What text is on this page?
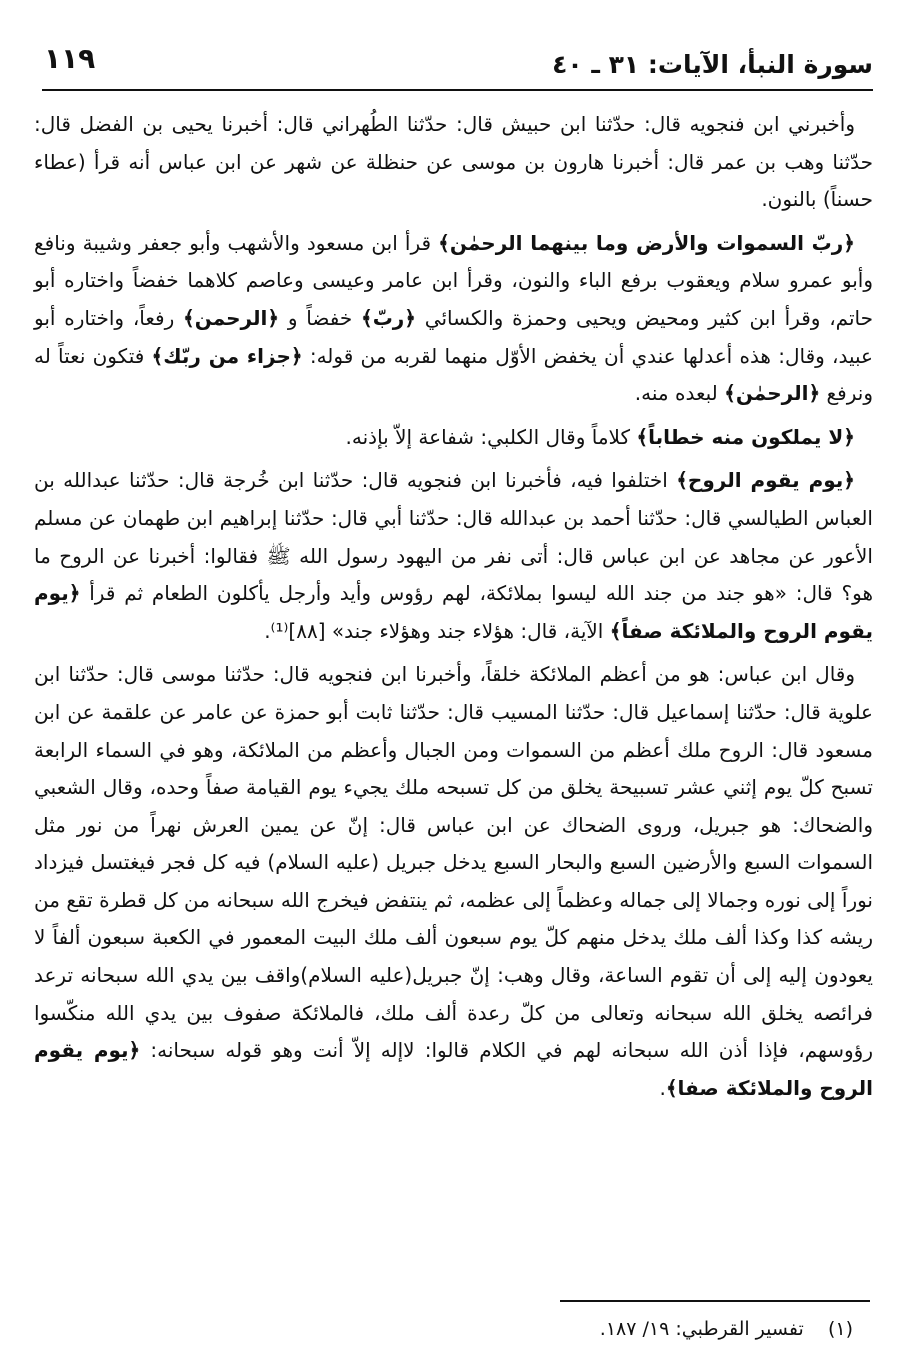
١١٩	سورة النبأ، الآيات: ٣١ ـ ٤٠

وأخبرني ابن فنجويه قال: حدّثنا ابن حبيش قال: حدّثنا الطُهراني قال: أخبرنا يحيى بن الفضل قال: حدّثنا وهب بن عمر قال: أخبرنا هارون بن موسى عن حنظلة عن شهر عن ابن عباس أنه قرأ (عطاء حسناً) بالنون.

﴿ربّ السموات والأرض وما بينهما الرحمٰن﴾ قرأ ابن مسعود والأشهب وأبو جعفر وشيبة ونافع وأبو عمرو سلام ويعقوب برفع الباء والنون، وقرأ ابن عامر وعيسى وعاصم كلاهما خفضاً واختاره أبو حاتم، وقرأ ابن كثير ومحيض ويحيى وحمزة والكسائي ﴿ربّ﴾ خفضاً و ﴿الرحمن﴾ رفعاً، واختاره أبو عبيد، وقال: هذه أعدلها عندي أن يخفض الأوّل منهما لقربه من قوله: ﴿جزاء من ربّك﴾ فتكون نعتاً له ونرفع ﴿الرحمٰن﴾ لبعده منه.

﴿لا يملكون منه خطاباً﴾ كلاماً وقال الكلبي: شفاعة إلاّ بإذنه.

﴿يوم يقوم الروح﴾ اختلفوا فيه، فأخبرنا ابن فنجويه قال: حدّثنا ابن خُرجة قال: حدّثنا عبدالله بن العباس الطيالسي قال: حدّثنا أحمد بن عبدالله قال: حدّثنا أبي قال: حدّثنا إبراهيم ابن طهمان عن مسلم الأعور عن مجاهد عن ابن عباس قال: أتى نفر من اليهود رسول الله ﷺ فقالوا: أخبرنا عن الروح ما هو؟ قال: «هو جند من جند الله ليسوا بملائكة، لهم رؤوس وأيد وأرجل يأكلون الطعام ثم قرأ ﴿يوم يقوم الروح والملائكة صفاً﴾ الآية، قال: هؤلاء جند وهؤلاء جند» [٨٨]⁽¹⁾.

وقال ابن عباس: هو من أعظم الملائكة خلقاً، وأخبرنا ابن فنجويه قال: حدّثنا موسى قال: حدّثنا ابن علوية قال: حدّثنا إسماعيل قال: حدّثنا المسيب قال: حدّثنا ثابت أبو حمزة عن عامر عن علقمة عن ابن مسعود قال: الروح ملك أعظم من السموات ومن الجبال وأعظم من الملائكة، وهو في السماء الرابعة تسبح كلّ يوم إثني عشر تسبيحة يخلق من كل تسبحه ملك يجيء يوم القيامة صفاً وحده، وقال الشعبي والضحاك: هو جبريل، وروى الضحاك عن ابن عباس قال: إنّ عن يمين العرش نهراً من نور مثل السموات السبع والأرضين السبع والبحار السبع يدخل جبريل (عليه السلام) فيه كل فجر فيغتسل فيزداد نوراً إلى نوره وجمالا إلى جماله وعظماً إلى عظمه، ثم ينتفض فيخرج الله سبحانه من كل قطرة تقع من ريشه كذا وكذا ألف ملك يدخل منهم كلّ يوم سبعون ألف ملك البيت المعمور في الكعبة سبعون ألفاً لا يعودون إليه إلى أن تقوم الساعة، وقال وهب: إنّ جبريل(عليه السلام)واقف بين يدي الله سبحانه ترعد فرائصه يخلق الله سبحانه وتعالى من كلّ رعدة ألف ملك، فالملائكة صفوف بين يدي الله منكّسوا رؤوسهم، فإذا أذن الله سبحانه لهم في الكلام قالوا: لاإله إلاّ أنت وهو قوله سبحانه: ﴿يوم يقوم الروح والملائكة صفا﴾.

(١)    تفسير القرطبي: ١٩/ ١٨٧.
